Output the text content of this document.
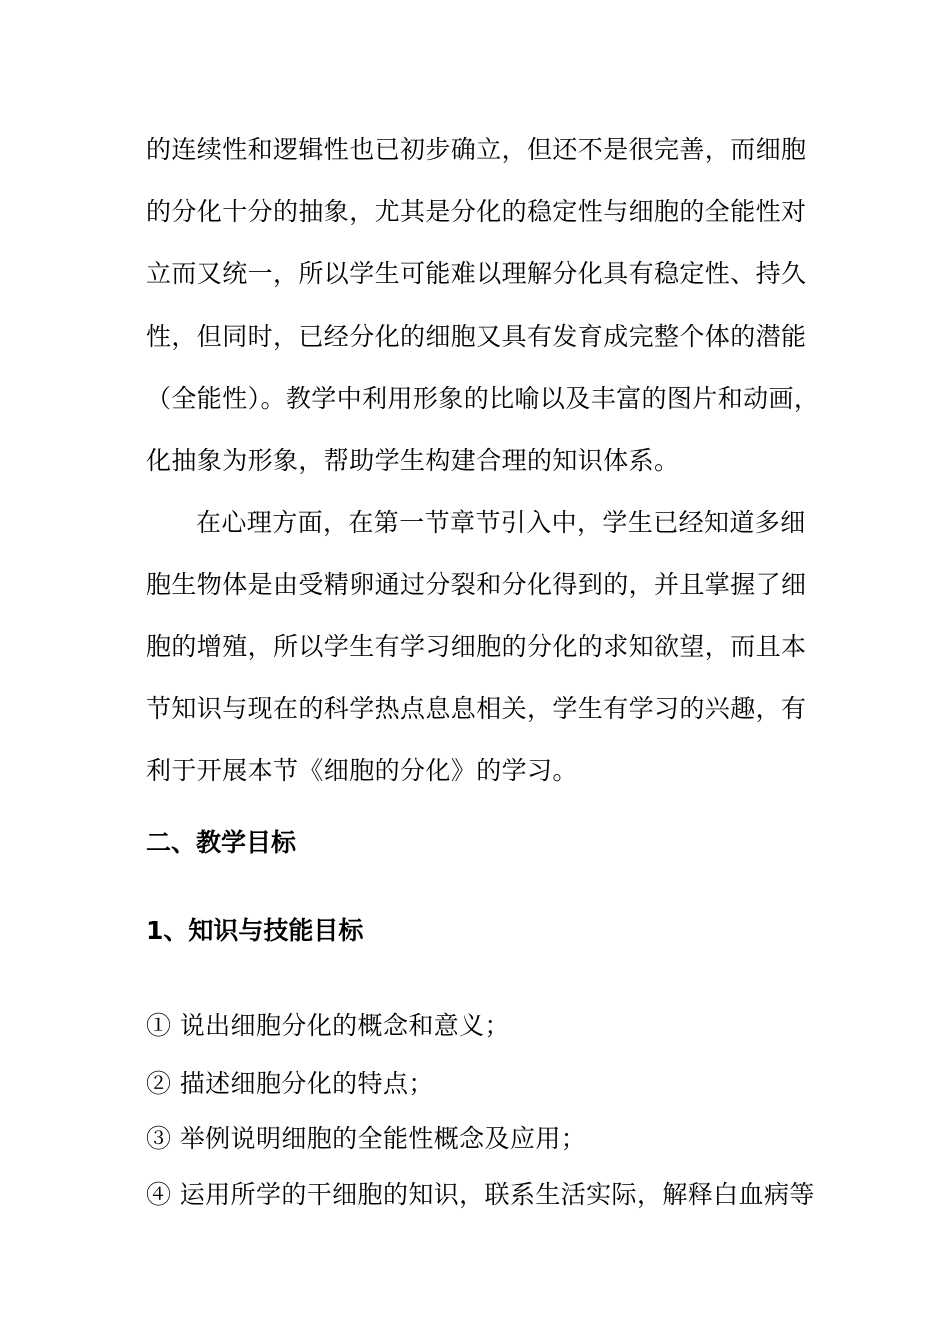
的连续性和逻辑性也已初步确立，但还不是很完善，而细胞
的分化十分的抽象，尤其是分化的稳定性与细胞的全能性对
立而又统一，所以学生可能难以理解分化具有稳定性、持久
性，但同时，已经分化的细胞又具有发育成完整个体的潜能
（全能性）。教学中利用形象的比喻以及丰富的图片和动画，
化抽象为形象，帮助学生构建合理的知识体系。
在心理方面，在第一节章节引入中，学生已经知道多细
胞生物体是由受精卵通过分裂和分化得到的，并且掌握了细
胞的增殖，所以学生有学习细胞的分化的求知欲望，而且本
节知识与现在的科学热点息息相关，学生有学习的兴趣，有
利于开展本节《细胞的分化》的学习。
二、教学目标
1、知识与技能目标
① 说出细胞分化的概念和意义；
② 描述细胞分化的特点；
③ 举例说明细胞的全能性概念及应用；
④ 运用所学的干细胞的知识，联系生活实际，解释白血病等
